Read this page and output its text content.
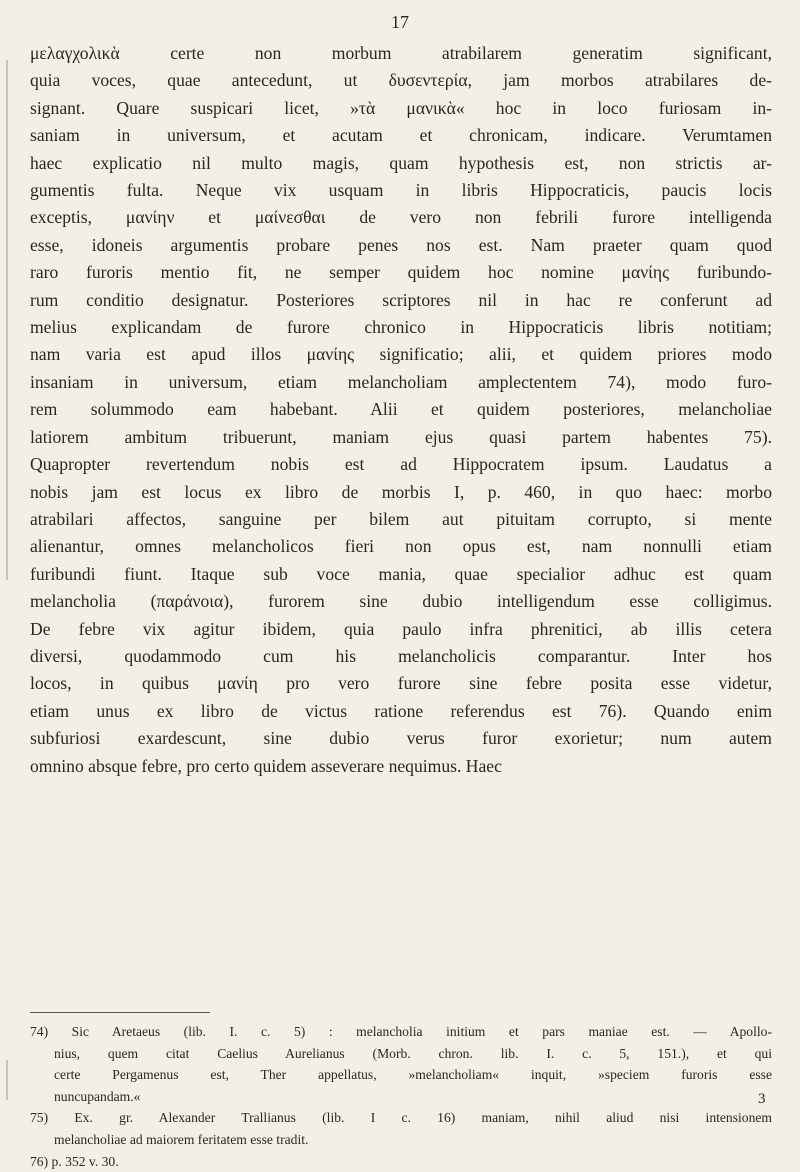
17
μελαγχολικὰ certe non morbum atrabilarem generatim significant,
quia voces, quae antecedunt, ut δυσεντερία, jam morbos atrabilares de-
signant. Quare suspicari licet, »τὰ μανικὰ« hoc in loco furiosam in-
saniam in universum, et acutam et chronicam, indicare. Verumtamen
haec explicatio nil multo magis, quam hypothesis est, non strictis ar-
gumentis fulta. Neque vix usquam in libris Hippocraticis, paucis locis
exceptis, μανίην et μαίνεσθαι de vero non febrili furore intelligenda
esse, idoneis argumentis probare penes nos est. Nam praeter quam quod
raro furoris mentio fit, ne semper quidem hoc nomine μανίης furibundo-
rum conditio designatur. Posteriores scriptores nil in hac re conferunt ad
melius explicandam de furore chronico in Hippocraticis libris notitiam;
nam varia est apud illos μανίης significatio; alii, et quidem priores modo
insaniam in universum, etiam melancholiam amplectentem 74), modo furo-
rem solummodo eam habebant. Alii et quidem posteriores, melancholiae
latiorem ambitum tribuerunt, maniam ejus quasi partem habentes 75).
Quapropter revertendum nobis est ad Hippocratem ipsum. Laudatus a
nobis jam est locus ex libro de morbis I, p. 460, in quo haec: morbo
atrabilari affectos, sanguine per bilem aut pituitam corrupto, si mente
alienantur, omnes melancholicos fieri non opus est, nam nonnulli etiam
furibundi fiunt. Itaque sub voce mania, quae specialior adhuc est quam
melancholia (παράνοια), furorem sine dubio intelligendum esse colligimus.
De febre vix agitur ibidem, quia paulo infra phrenitici, ab illis cetera
diversi, quodammodo cum his melancholicis comparantur. Inter hos
locos, in quibus μανίη pro vero furore sine febre posita esse videtur,
etiam unus ex libro de victus ratione referendus est 76). Quando enim
subfuriosi exardescunt, sine dubio verus furor exorietur; num autem
omnino absque febre, pro certo quidem asseverare nequimus. Haec
74) Sic Aretaeus (lib. I. c. 5) : melancholia initium et pars maniae est. — Apollo-
nius, quem citat Caelius Aurelianus (Morb. chron. lib. I. c. 5, 151.), et qui
certe Pergamenus est, Ther appellatus, »melancholiam« inquit, »speciem furoris esse
nuncupandam.«
75) Ex. gr. Alexander Trallianus (lib. I c. 16) maniam, nihil aliud nisi intensionem
melancholiae ad maiorem feritatem esse tradit.
76) p. 352 v. 30.
3
